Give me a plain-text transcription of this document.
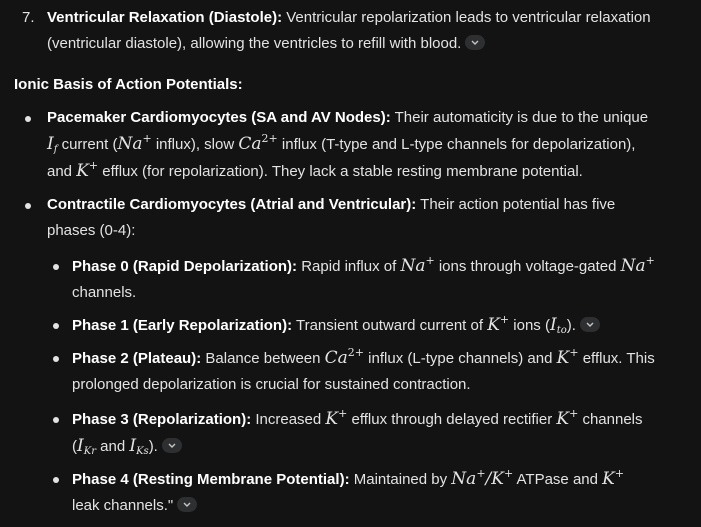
7. Ventricular Relaxation (Diastole): Ventricular repolarization leads to ventricular relaxation
(ventricular diastole), allowing the ventricles to refill with blood.
Ionic Basis of Action Potentials:
Pacemaker Cardiomyocytes (SA and AV Nodes): Their automaticity is due to the unique
$I_f$ current (Na+ influx), slow $Ca^{2+}$ influx (T-type and L-type channels for depolarization),
and K+ efflux (for repolarization). They lack a stable resting membrane potential.
Contractile Cardiomyocytes (Atrial and Ventricular): Their action potential has five
phases (0-4):
Phase 0 (Rapid Depolarization): Rapid influx of Na+ ions through voltage-gated Na+
channels.
Phase 1 (Early Repolarization): Transient outward current of K+ ions $(I_{to})$.
Phase 2 (Plateau): Balance between $Ca^{2+}$ influx (L-type channels) and K+ efflux. This
prolonged depolarization is crucial for sustained contraction.
Phase 3 (Repolarization): Increased K+ efflux through delayed rectifier K+ channels
($I_{Kr}$ and $I_{Ks}$).
Phase 4 (Resting Membrane Potential): Maintained by Na+/K+ ATPase and K+
leak channels."
